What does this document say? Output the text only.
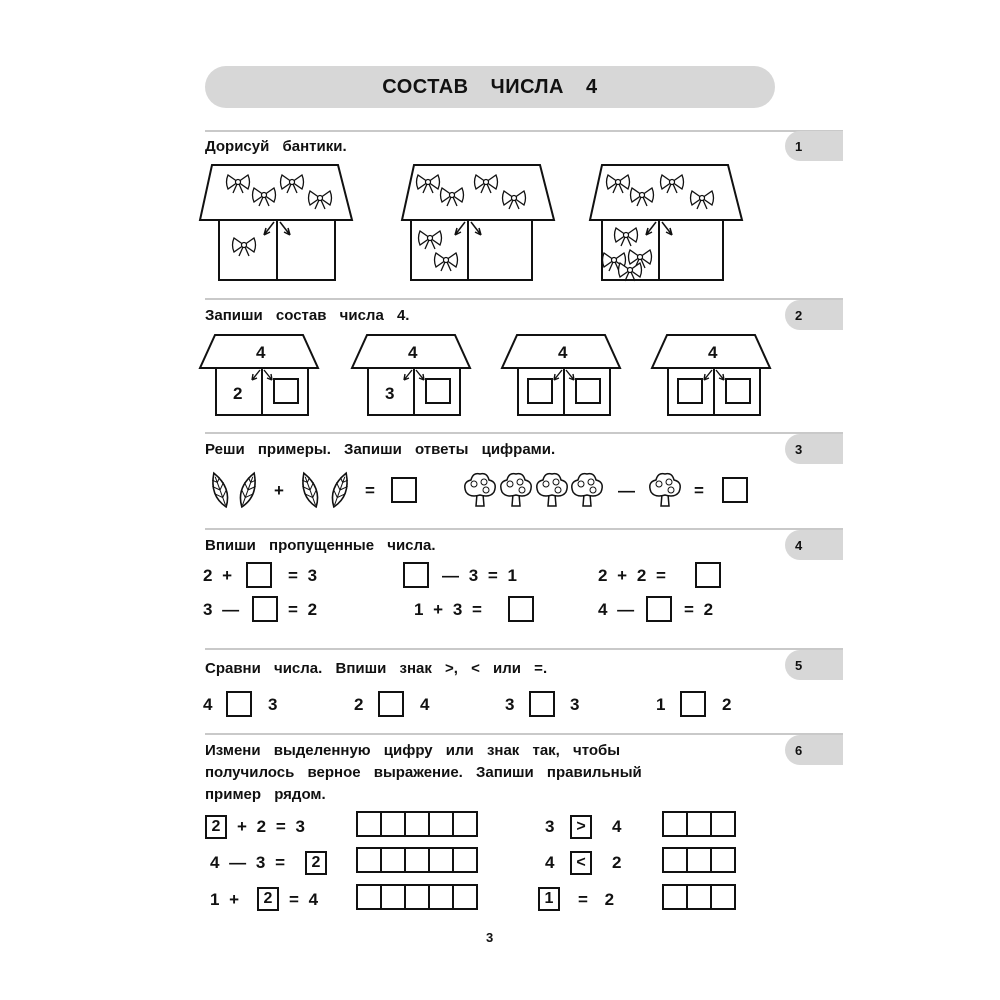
СОСТАВ ЧИСЛА 4
1
Дорисуй бантики.
2
Запиши состав числа 4.
4	4	4	4
2	3
3
Реши примеры. Запиши ответы цифрами.
+	=	—	=
4
Впиши пропущенные числа.
2 +	= 3	— 3 = 1	2 + 2 =
3 —	= 2	1 + 3 =	4 —	= 2
5
Сравни числа. Впиши знак >, < или =.
4	3	2	4	3	3	1	2
6
Измени выделенную цифру или знак так, чтобы
получилось верное выражение. Запиши правильный
пример рядом.
2 + 2 = 3
4 — 3 =	2
1 +	2 = 4
3	>	4
4	<	2
1	= 2
3
